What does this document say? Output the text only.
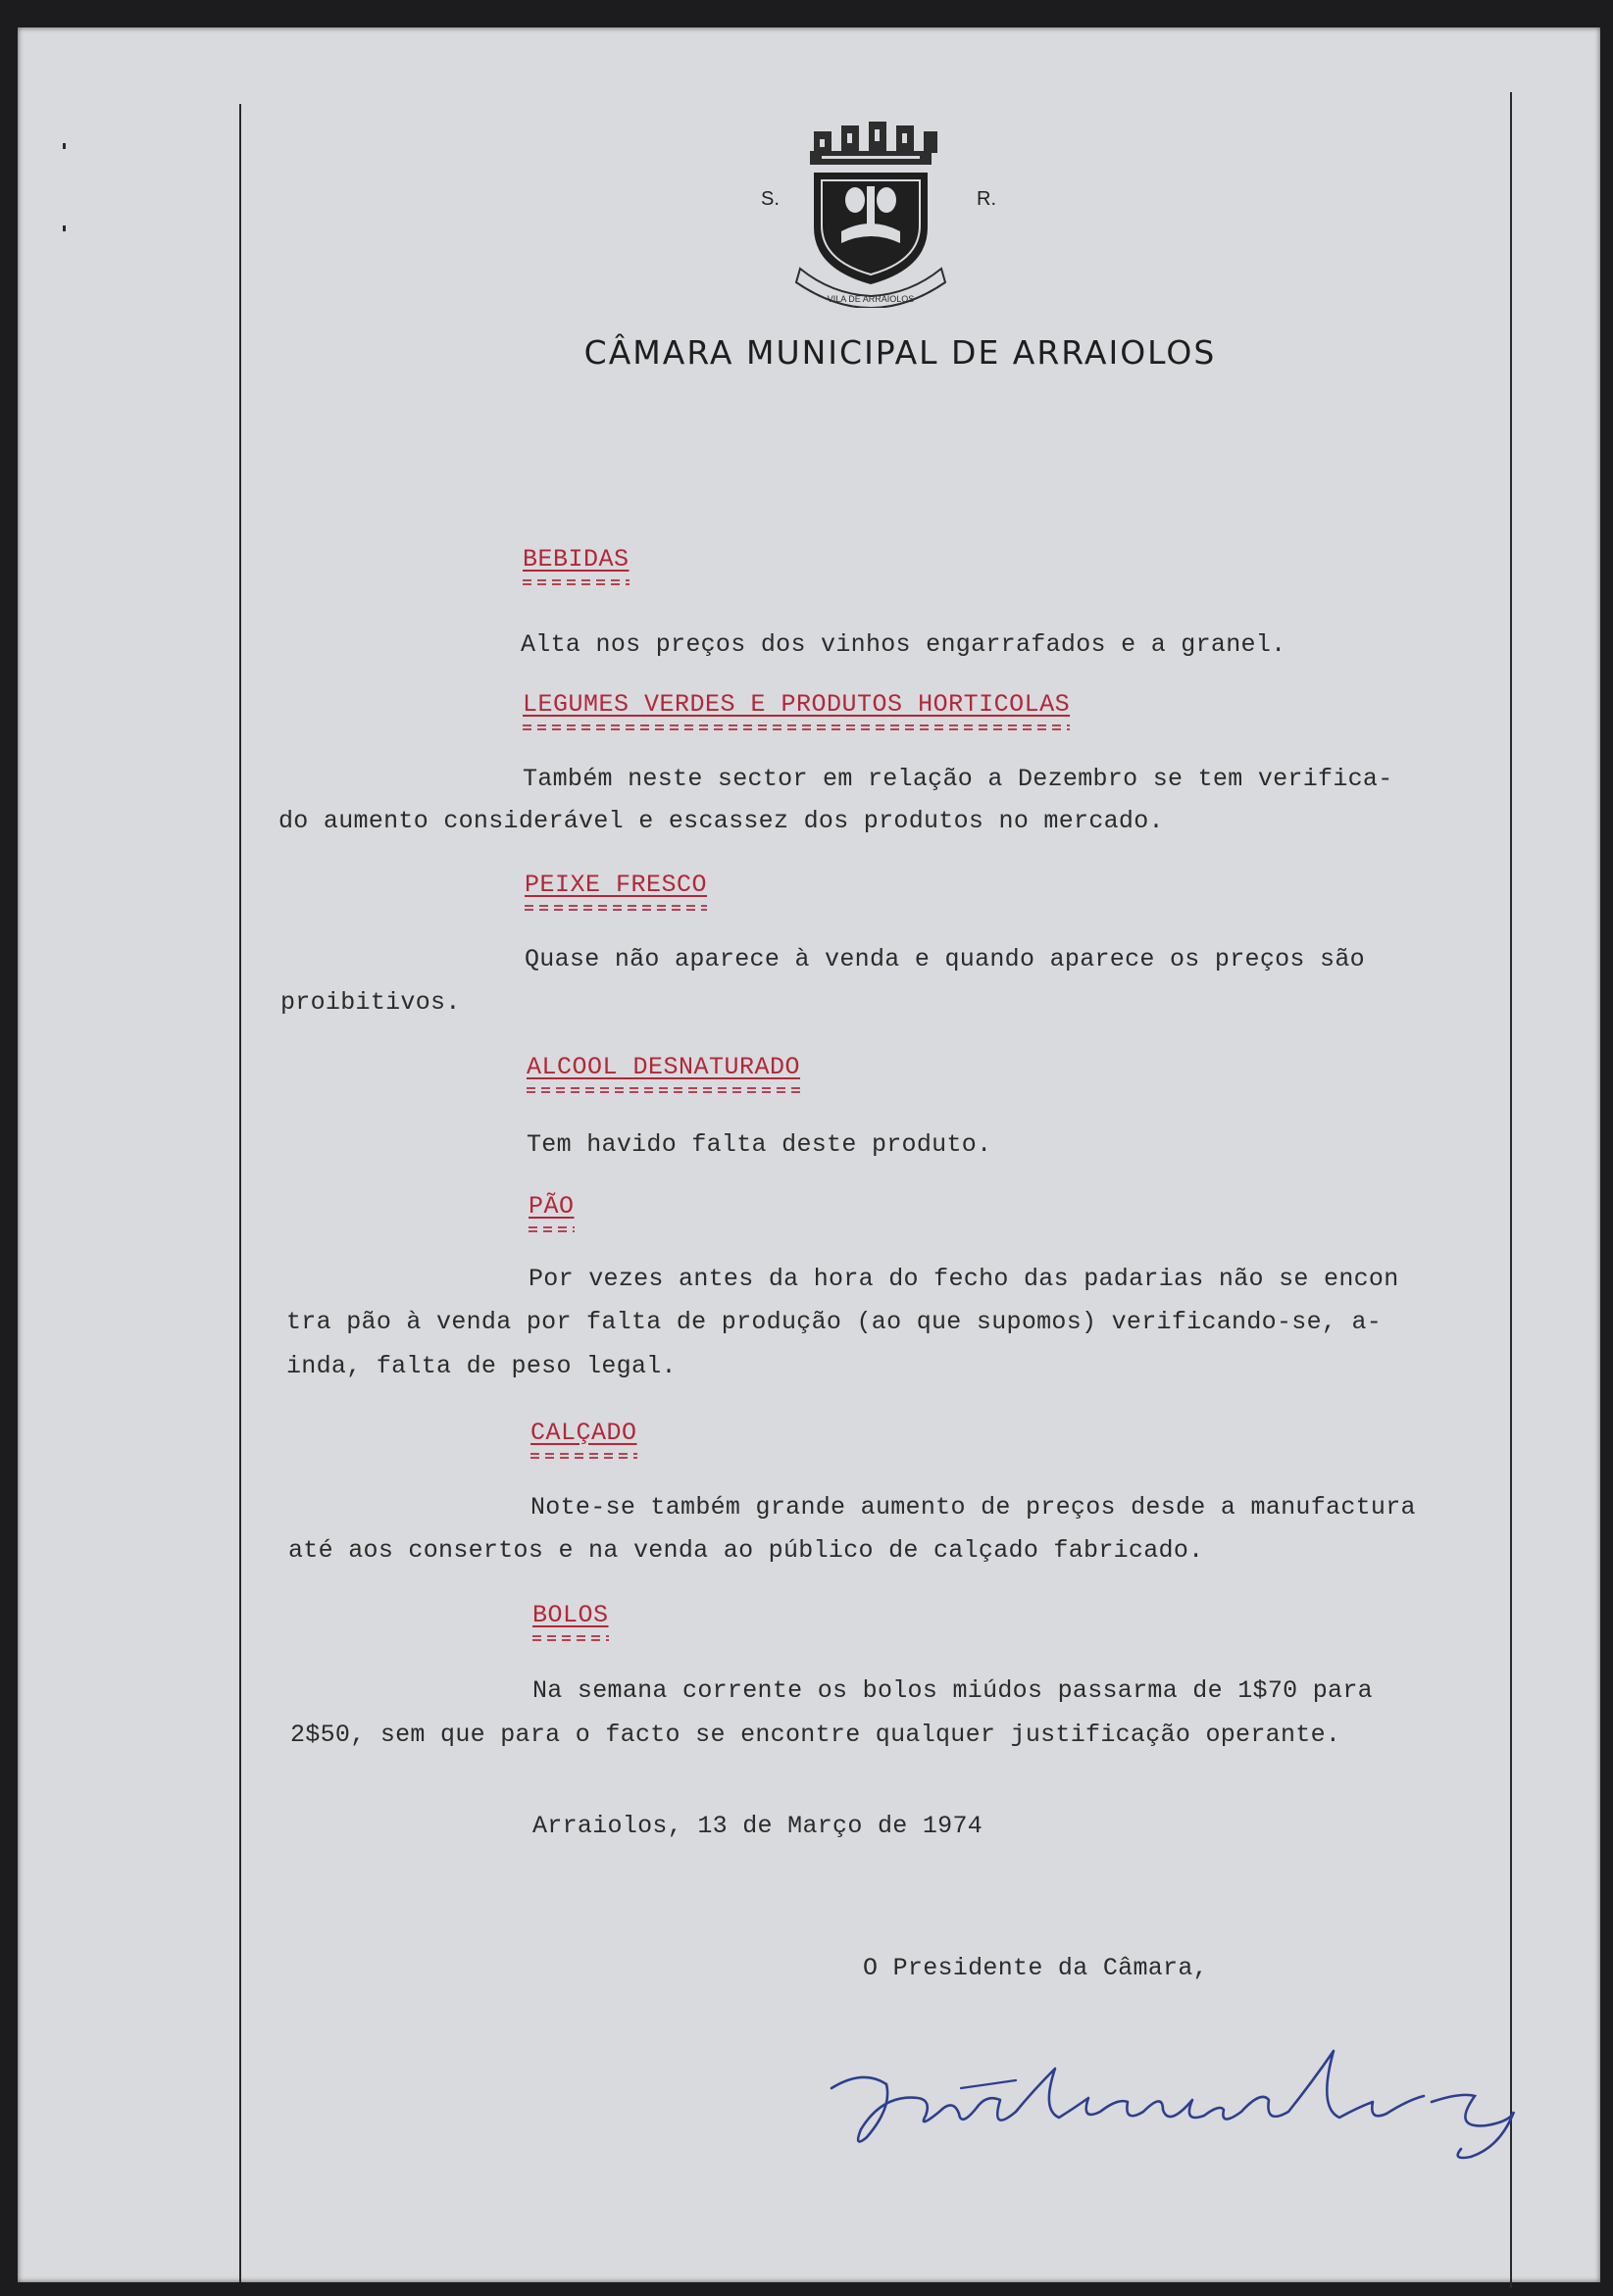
S.	R.
VILA DE ARRAIOLOS
CÂMARA MUNICIPAL DE ARRAIOLOS
BEBIDAS
Alta nos preços dos vinhos engarrafados e a granel.
LEGUMES VERDES E PRODUTOS HORTICOLAS
Também neste sector em relação a Dezembro se tem verifica-
do aumento considerável e escassez dos produtos no mercado.
PEIXE FRESCO
Quase não aparece à venda e quando aparece os preços são
proibitivos.
ALCOOL DESNATURADO
Tem havido falta deste produto.
PÃO
Por vezes antes da hora do fecho das padarias não se encon
tra pão à venda por falta de produção (ao que supomos) verificando-se, a-
inda, falta de peso legal.
CALÇADO
Note-se também grande aumento de preços desde a manufactura
até aos consertos e na venda ao público de calçado fabricado.
BOLOS
Na semana corrente os bolos miúdos passarma de 1$70 para
2$50, sem que para o facto se encontre qualquer justificação operante.
Arraiolos, 13 de Março de 1974
O Presidente da Câmara,
